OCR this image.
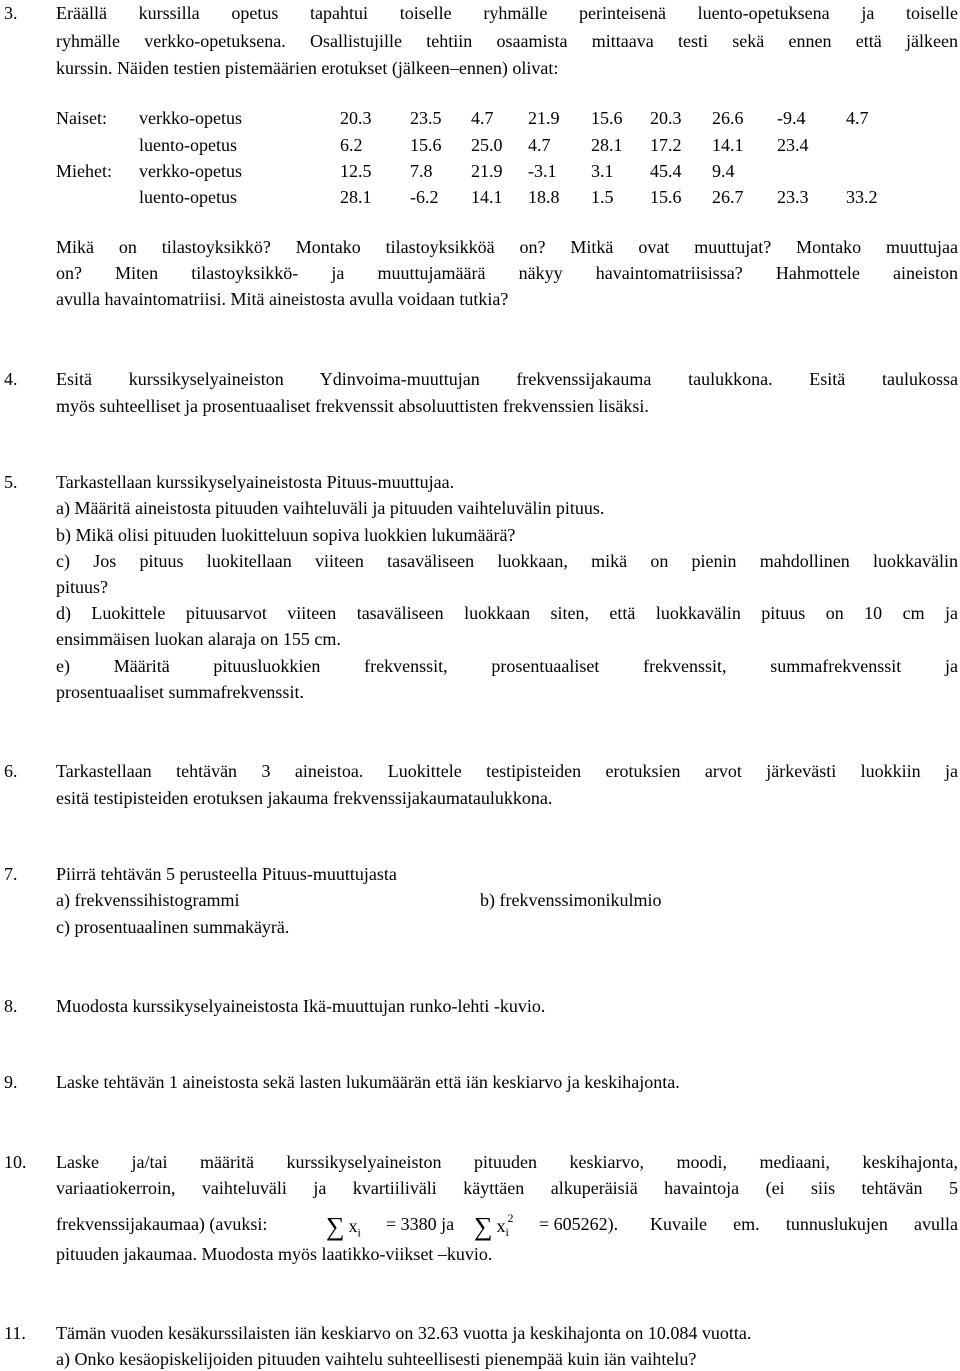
3. Eräällä kurssilla opetus tapahtui toiselle ryhmälle perinteisenä luento-opetuksena ja toiselle
ryhmälle verkko-opetuksena. Osallistujille tehtiin osaamista mittaava testi sekä ennen että jälkeen
kurssin. Näiden testien pistemäärien erotukset (jälkeen–ennen) olivat:
Naiset: verkko-opetus	20.3 23.5 4.7 21.9 15.6 20.3 26.6 -9.4 4.7
luento-opetus	6.2	15.6 25.0 4.7 28.1 17.2 14.1 23.4
Miehet: verkko-opetus	12.5 7.8 21.9 -3.1 3.1 45.4 9.4
luento-opetus	28.1 -6.2 14.1 18.8 1.5 15.6 26.7 23.3 33.2
Mikä on tilastoyksikkö? Montako tilastoyksikköä on? Mitkä ovat muuttujat? Montako muuttujaa
on? Miten tilastoyksikkö- ja muuttujamäärä näkyy havaintomatriisissa? Hahmottele aineiston
avulla havaintomatriisi. Mitä aineistosta avulla voidaan tutkia?
4. Esitä kurssikyselyaineiston Ydinvoima-muuttujan frekvenssijakauma taulukkona. Esitä taulukossa
myös suhteelliset ja prosentuaaliset frekvenssit absoluuttisten frekvenssien lisäksi.
5. Tarkastellaan kurssikyselyaineistosta Pituus-muuttujaa.
a) Määritä aineistosta pituuden vaihteluväli ja pituuden vaihteluvälin pituus.
b) Mikä olisi pituuden luokitteluun sopiva luokkien lukumäärä?
c) Jos pituus luokitellaan viiteen tasaväliseen luokkaan, mikä on pienin mahdollinen luokkavälin
pituus?
d) Luokittele pituusarvot viiteen tasaväliseen luokkaan siten, että luokkavälin pituus on 10 cm ja
ensimmäisen luokan alaraja on 155 cm.
e) Määritä pituusluokkien frekvenssit, prosentuaaliset frekvenssit, summafrekvenssit ja
prosentuaaliset summafrekvenssit.
6. Tarkastellaan tehtävän 3 aineistoa. Luokittele testipisteiden erotuksien arvot järkevästi luokkiin ja
esitä testipisteiden erotuksen jakauma frekvenssijakaumataulukkona.
7. Piirrä tehtävän 5 perusteella Pituus-muuttujasta
a) frekvenssihistogrammi	b) frekvenssimonikulmio
c) prosentuaalinen summakäyrä.
8. Muodosta kurssikyselyaineistosta Ikä-muuttujan runko-lehti -kuvio.
9. Laske tehtävän 1 aineistosta sekä lasten lukumäärän että iän keskiarvo ja keskihajonta.
10. Laske ja/tai määritä kurssikyselyaineiston pituuden keskiarvo, moodi, mediaani, keskihajonta,
variaatiokerroin, vaihteluväli ja kvartiiliväli käyttäen alkuperäisiä havaintoja (ei siis tehtävän 5
frekvenssijakaumaa) (avuksi: ∑ $x_i = 3380$ ja ∑ x 2
i = 605262). Kuvaile em. tunnuslukujen avulla
pituuden jakaumaa. Muodosta myös laatikko-viikset –kuvio.
11. Tämän vuoden kesäkurssilaisten iän keskiarvo on 32.63 vuotta ja keskihajonta on 10.084 vuotta.
a) Onko kesäopiskelijoiden pituuden vaihtelu suhteellisesti pienempää kuin iän vaihtelu?
